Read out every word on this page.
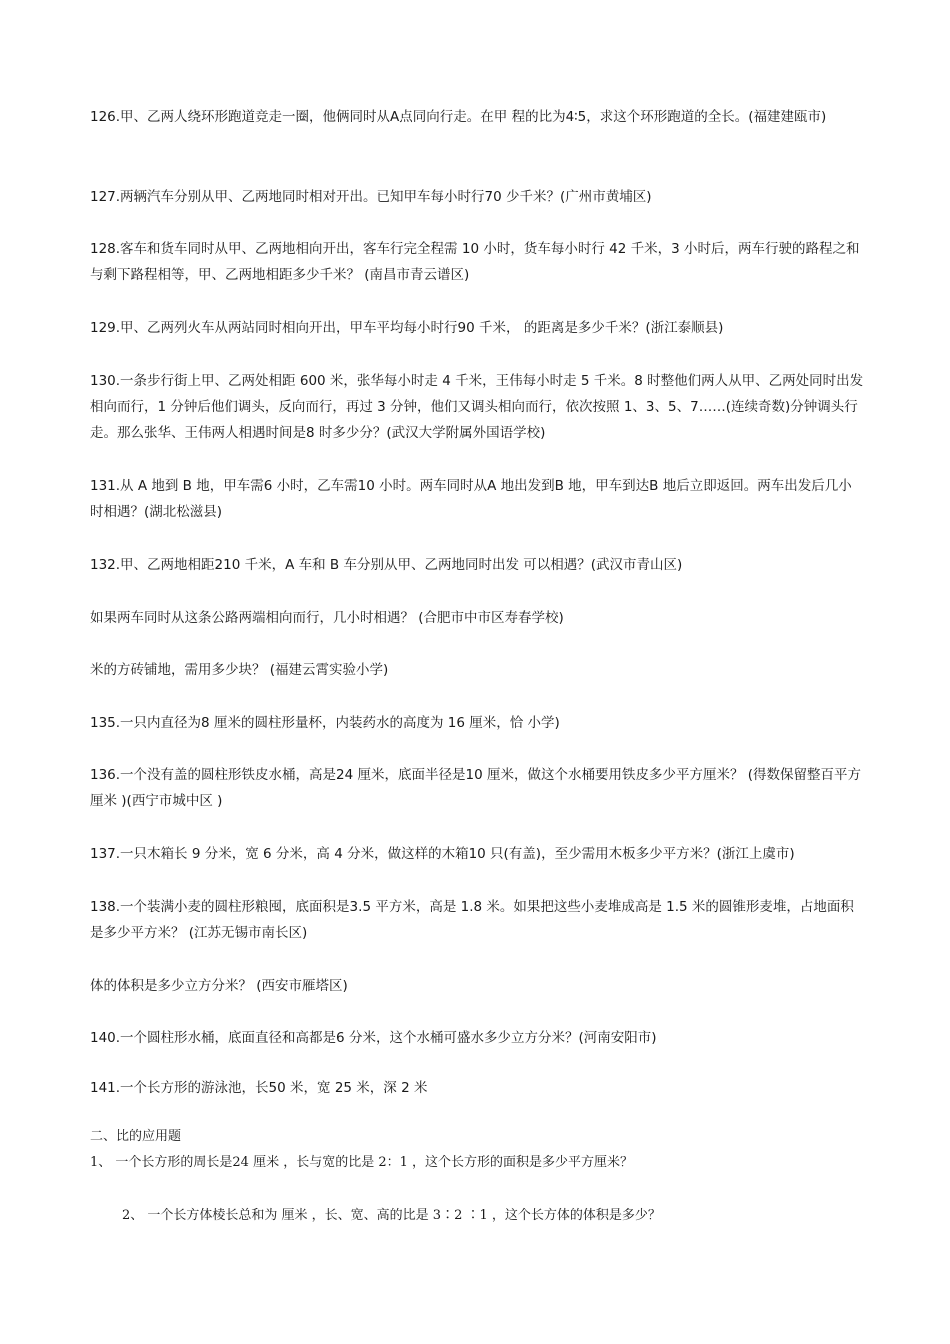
126.甲、乙两人绕环形跑道竞走一圈，他俩同时从A点同向行走。在甲 程的比为4∶5，求这个环形跑道的全长。(福建建瓯市)

127.两辆汽车分别从甲、乙两地同时相对开出。已知甲车每小时行70 少千米？(广州市黄埔区)

128.客车和货车同时从甲、乙两地相向开出，客车行完全程需 10 小时，货车每小时行 42 千米，3 小时后，两车行驶的路程之和与剩下路程相等，甲、乙两地相距多少千米？ (南昌市青云谱区)

129.甲、乙两列火车从两站同时相向开出，甲车平均每小时行90 千米， 的距离是多少千米？(浙江泰顺县)

130.一条步行街上甲、乙两处相距 600 米，张华每小时走 4 千米，王伟每小时走 5 千米。8 时整他们两人从甲、乙两处同时出发相向而行，1 分钟后他们调头，反向而行，再过 3 分钟，他们又调头相向而行，依次按照 1、3、5、7……(连续奇数)分钟调头行走。那么张华、王伟两人相遇时间是8 时多少分？(武汉大学附属外国语学校)

131.从 A 地到 B 地，甲车需6 小时，乙车需10 小时。两车同时从A 地出发到B 地，甲车到达B 地后立即返回。两车出发后几小时相遇？(湖北松滋县)

132.甲、乙两地相距210 千米，A 车和 B 车分别从甲、乙两地同时出发 可以相遇？(武汉市青山区)

如果两车同时从这条公路两端相向而行，几小时相遇？ (合肥市中市区寿春学校)

米的方砖铺地，需用多少块？ (福建云霄实验小学)

135.一只内直径为8 厘米的圆柱形量杯，内装药水的高度为 16 厘米，恰 小学)

136.一个没有盖的圆柱形铁皮水桶，高是24 厘米，底面半径是10 厘米，做这个水桶要用铁皮多少平方厘米？ (得数保留整百平方厘米 )(西宁市城中区 )

137.一只木箱长 9 分米，宽 6 分米，高 4 分米，做这样的木箱10 只(有盖)，至少需用木板多少平方米？(浙江上虞市)

138.一个装满小麦的圆柱形粮囤，底面积是3.5 平方米，高是 1.8 米。如果把这些小麦堆成高是 1.5 米的圆锥形麦堆，占地面积是多少平方米？ (江苏无锡市南长区)

体的体积是多少立方分米？ (西安市雁塔区)

140.一个圆柱形水桶，底面直径和高都是6 分米，这个水桶可盛水多少立方分米？(河南安阳市)

141.一个长方形的游泳池，长50 米，宽 25 米，深 2 米

二、比的应用题

1、 一个长方形的周长是24 厘米 ，长与宽的比是 2：1 ，这个长方形的面积是多少平方厘米？

2、 一个长方体棱长总和为 厘米 ，长、宽、高的比是 3∶2 ∶1 ，这个长方体的体积是多少？
